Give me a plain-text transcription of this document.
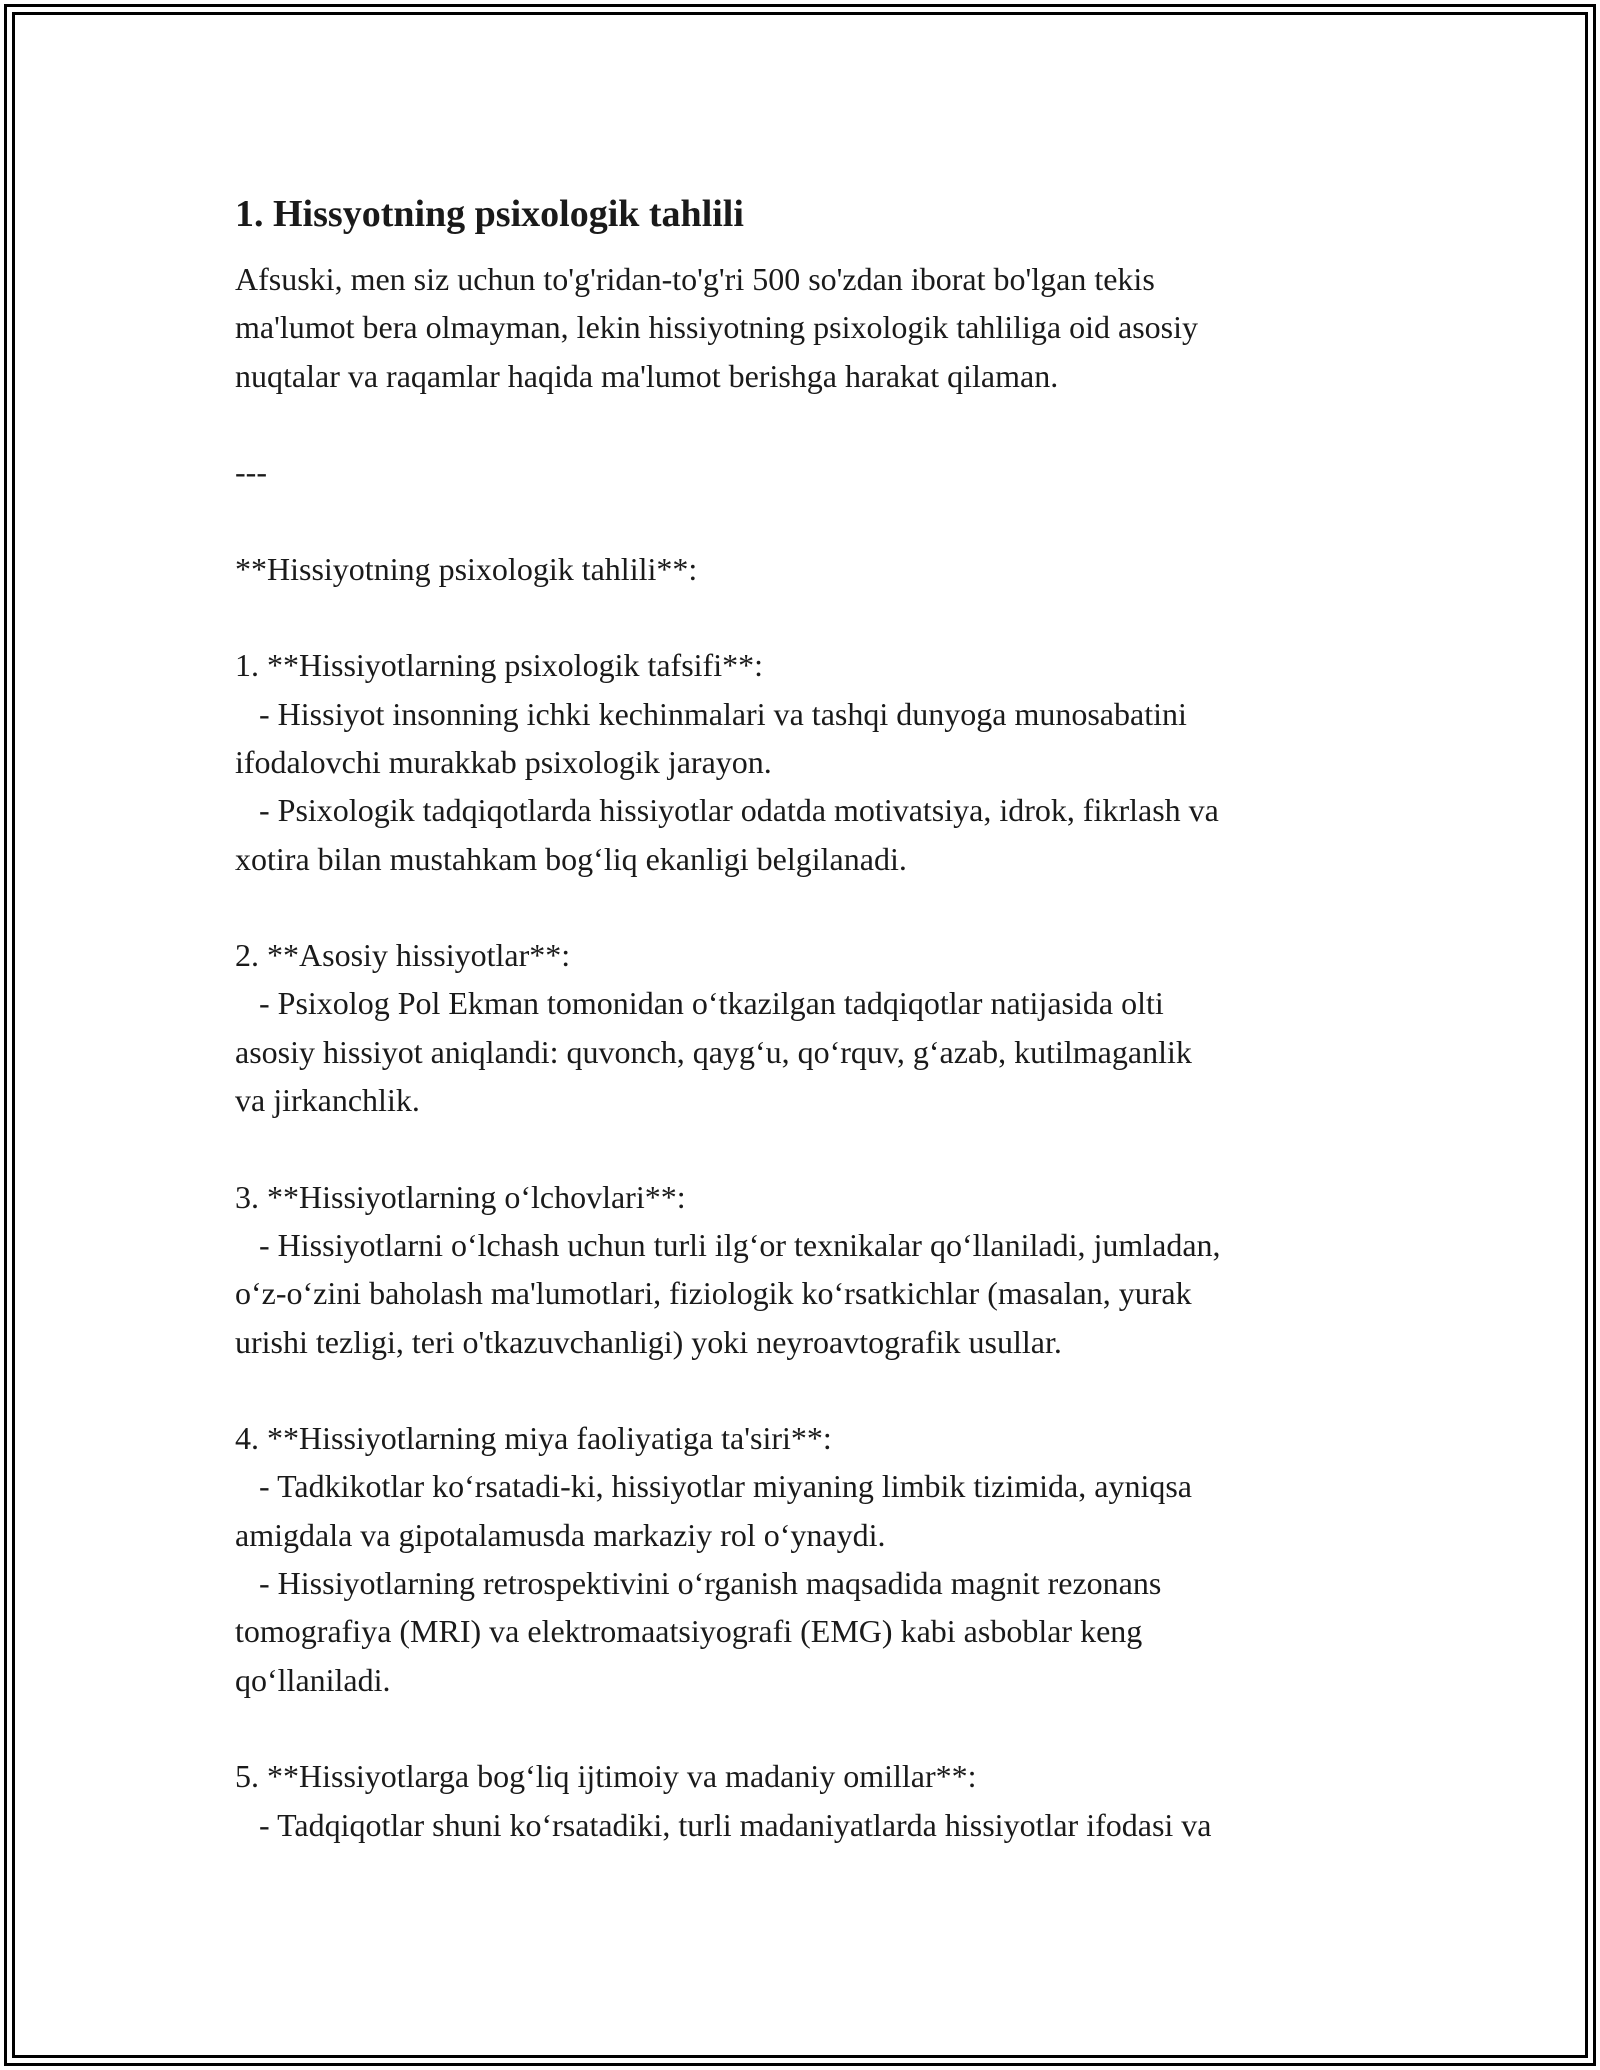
1. Hissyotning psixologik tahlili

Afsuski, men siz uchun to'g'ridan-to'g'ri 500 so'zdan iborat bo'lgan tekis
ma'lumot bera olmayman, lekin hissiyotning psixologik tahliliga oid asosiy
nuqtalar va raqamlar haqida ma'lumot berishga harakat qilaman.

---

**Hissiyotning psixologik tahlili**:

1. **Hissiyotlarning psixologik tafsifi**:
- Hissiyot insonning ichki kechinmalari va tashqi dunyoga munosabatini
ifodalovchi murakkab psixologik jarayon.
- Psixologik tadqiqotlarda hissiyotlar odatda motivatsiya, idrok, fikrlash va
xotira bilan mustahkam bog‘liq ekanligi belgilanadi.

2. **Asosiy hissiyotlar**:
- Psixolog Pol Ekman tomonidan o‘tkazilgan tadqiqotlar natijasida olti
asosiy hissiyot aniqlandi: quvonch, qayg‘u, qo‘rquv, g‘azab, kutilmaganlik
va jirkanchlik.

3. **Hissiyotlarning o‘lchovlari**:
- Hissiyotlarni o‘lchash uchun turli ilg‘or texnikalar qo‘llaniladi, jumladan,
o‘z-o‘zini baholash ma'lumotlari, fiziologik ko‘rsatkichlar (masalan, yurak
urishi tezligi, teri o'tkazuvchanligi) yoki neyroavtografik usullar.

4. **Hissiyotlarning miya faoliyatiga ta'siri**:
- Tadkikotlar ko‘rsatadi-ki, hissiyotlar miyaning limbik tizimida, ayniqsa
amigdala va gipotalamusda markaziy rol o‘ynaydi.
- Hissiyotlarning retrospektivini o‘rganish maqsadida magnit rezonans
tomografiya (MRI) va elektromaatsiyografi (EMG) kabi asboblar keng
qo‘llaniladi.

5. **Hissiyotlarga bog‘liq ijtimoiy va madaniy omillar**:
- Tadqiqotlar shuni ko‘rsatadiki, turli madaniyatlarda hissiyotlar ifodasi va
